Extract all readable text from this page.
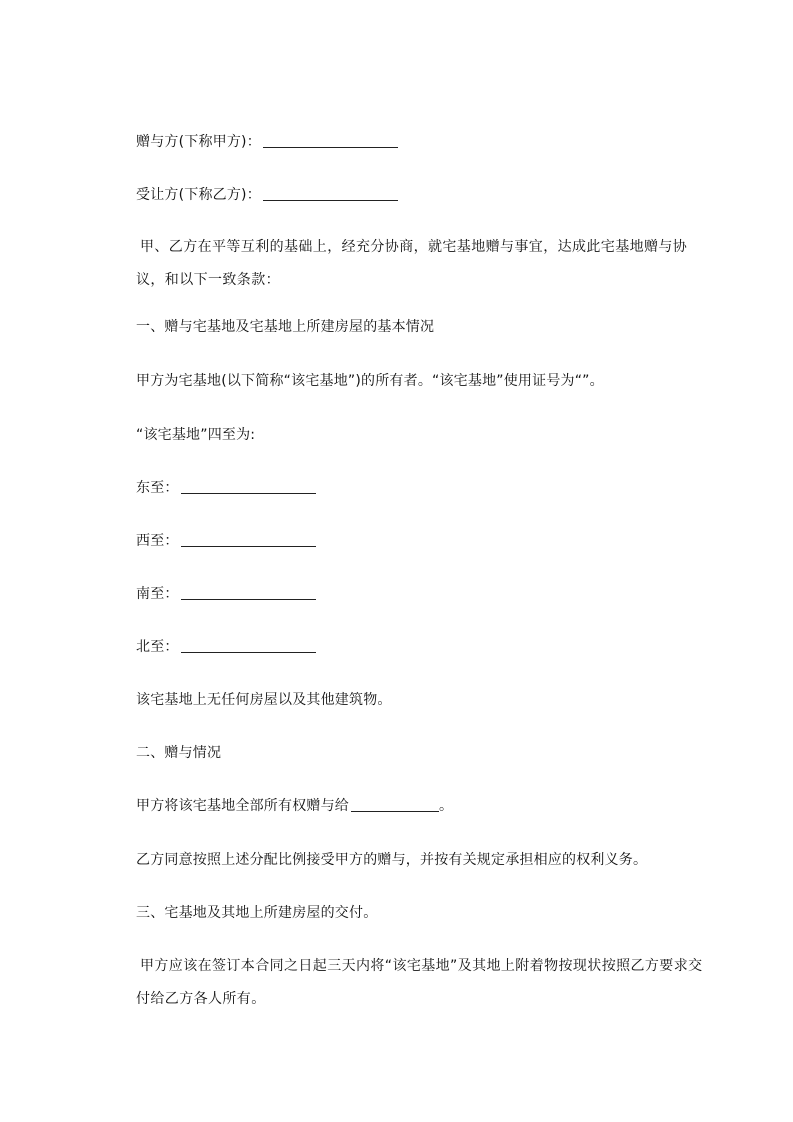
赠与方(下称甲方)：
受让方(下称乙方)：
甲、乙方在平等互利的基础上，经充分协商，就宅基地赠与事宜，达成此宅基地赠与协议，和以下一致条款：
一、赠与宅基地及宅基地上所建房屋的基本情况
甲方为宅基地(以下简称“该宅基地”)的所有者。“该宅基地”使用证号为“”。
“该宅基地”四至为:
东至：
西至：
南至：
北至：
该宅基地上无任何房屋以及其他建筑物。
二、赠与情况
甲方将该宅基地全部所有权赠与给	。
乙方同意按照上述分配比例接受甲方的赠与，并按有关规定承担相应的权利义务。
三、宅基地及其地上所建房屋的交付。
甲方应该在签订本合同之日起三天内将“该宅基地”及其地上附着物按现状按照乙方要求交付给乙方各人所有。
